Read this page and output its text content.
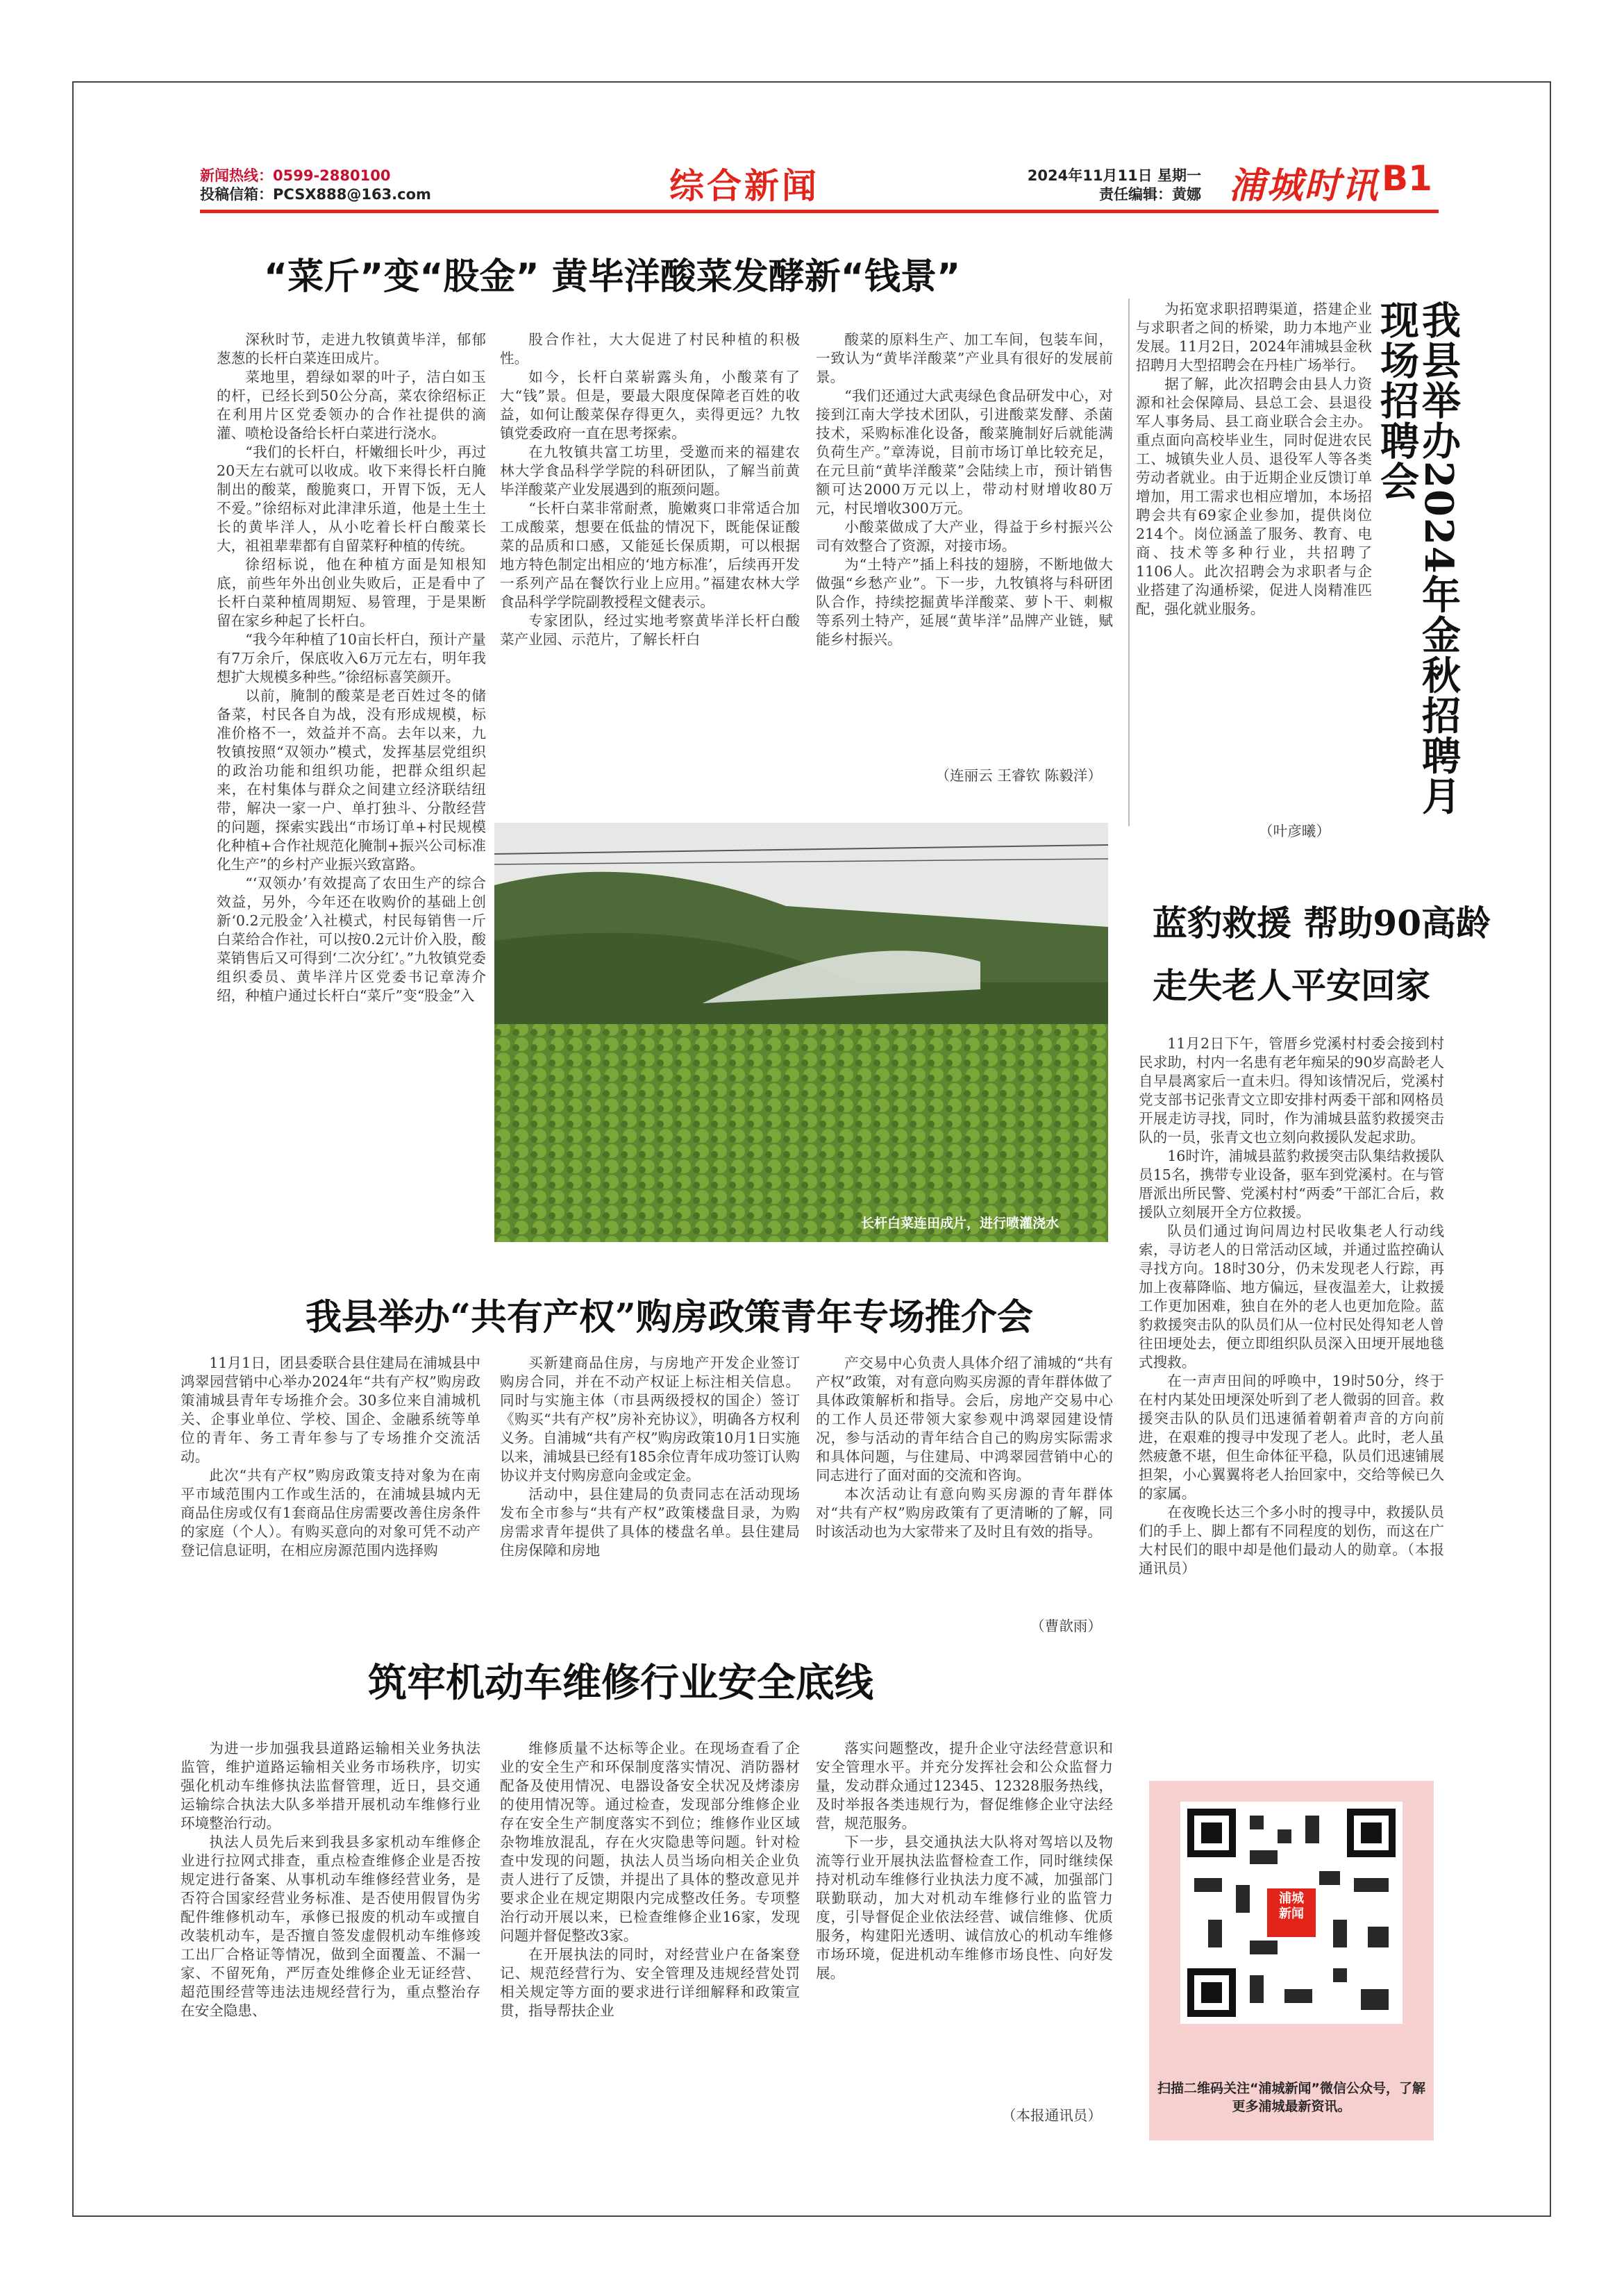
新闻热线：0599-2880100
投稿信箱：PCSX888@163.com	综合新闻	2024年11月11日 星期一
责任编辑：黄娜 浦城时讯 B1
“菜斤”变“股金” 黄毕洋酸菜发酵新“钱景”

深秋时节，走进九牧镇黄毕洋，郁郁葱葱的长杆白菜连田成片。

菜地里，碧绿如翠的叶子，洁白如玉的杆，已经长到50公分高，菜农徐绍标正在利用片区党委领办的合作社提供的滴灌、喷枪设备给长杆白菜进行浇水。

“我们的长杆白，杆嫩细长叶少，再过20天左右就可以收成。收下来得长杆白腌制出的酸菜，酸脆爽口，开胃下饭，无人不爱。”徐绍标对此津津乐道，他是土生土长的黄毕洋人，从小吃着长杆白酸菜长大，祖祖辈辈都有自留菜籽种植的传统。

徐绍标说，他在种植方面是知根知底，前些年外出创业失败后，正是看中了长杆白菜种植周期短、易管理，于是果断留在家乡种起了长杆白。

“我今年种植了10亩长杆白，预计产量有7万余斤，保底收入6万元左右，明年我想扩大规模多种些。”徐绍标喜笑颜开。

以前，腌制的酸菜是老百姓过冬的储备菜，村民各自为战，没有形成规模，标准价格不一，效益并不高。去年以来，九牧镇按照“双领办”模式，发挥基层党组织的政治功能和组织功能，把群众组织起来，在村集体与群众之间建立经济联结纽带，解决一家一户、单打独斗、分散经营的问题，探索实践出“市场订单+村民规模化种植+合作社规范化腌制+振兴公司标准化生产”的乡村产业振兴致富路。

“‘双领办’有效提高了农田生产的综合效益，另外，今年还在收购价的基础上创新‘0.2元股金’入社模式，村民每销售一斤白菜给合作社，可以按0.2元计价入股，酸菜销售后又可得到‘二次分红’。”九牧镇党委组织委员、黄毕洋片区党委书记章涛介绍，种植户通过长杆白“菜斤”变“股金”入

股合作社，大大促进了村民种植的积极性。

如今，长杆白菜崭露头角，小酸菜有了大“钱”景。但是，要最大限度保障老百姓的收益，如何让酸菜保存得更久，卖得更远？九牧镇党委政府一直在思考探索。

在九牧镇共富工坊里，受邀而来的福建农林大学食品科学学院的科研团队，了解当前黄毕洋酸菜产业发展遇到的瓶颈问题。

“长杆白菜非常耐煮，脆嫩爽口非常适合加工成酸菜，想要在低盐的情况下，既能保证酸菜的品质和口感，又能延长保质期，可以根据地方特色制定出相应的‘地方标准’，后续再开发一系列产品在餐饮行业上应用。”福建农林大学食品科学学院副教授程文健表示。

专家团队，经过实地考察黄毕洋长杆白酸菜产业园、示范片，了解长杆白

酸菜的原料生产、加工车间，包装车间，一致认为“黄毕洋酸菜”产业具有很好的发展前景。

“我们还通过大武夷绿色食品研发中心，对接到江南大学技术团队，引进酸菜发酵、杀菌技术，采购标准化设备，酸菜腌制好后就能满负荷生产。”章涛说，目前市场订单比较充足，在元旦前“黄毕洋酸菜”会陆续上市，预计销售额可达2000万元以上，带动村财增收80万元，村民增收300万元。

小酸菜做成了大产业，得益于乡村振兴公司有效整合了资源，对接市场。

为“土特产”插上科技的翅膀，不断地做大做强“乡愁产业”。下一步，九牧镇将与科研团队合作，持续挖掘黄毕洋酸菜、萝卜干、刺椒等系列土特产，延展“黄毕洋”品牌产业链，赋能乡村振兴。

（连丽云 王睿钦 陈毅洋）
长杆白菜连田成片，进行喷灌浇水

为拓宽求职招聘渠道，搭建企业与求职者之间的桥梁，助力本地产业发展。11月2日，2024年浦城县金秋招聘月大型招聘会在丹桂广场举行。

据了解，此次招聘会由县人力资源和社会保障局、县总工会、县退役军人事务局、县工商业联合会主办。重点面向高校毕业生，同时促进农民工、城镇失业人员、退役军人等各类劳动者就业。由于近期企业反馈订单增加，用工需求也相应增加，本场招聘会共有69家企业参加，提供岗位214个。岗位涵盖了服务、教育、电商、技术等多种行业，共招聘了1106人。此次招聘会为求职者与企业搭建了沟通桥梁，促进人岗精准匹配，强化就业服务。

（叶彦曦）
我县举办2024年金秋招聘月现场招聘会
蓝豹救援 帮助90高龄
走失老人平安回家

11月2日下午，管厝乡党溪村村委会接到村民求助，村内一名患有老年痴呆的90岁高龄老人自早晨离家后一直未归。得知该情况后，党溪村党支部书记张青文立即安排村两委干部和网格员开展走访寻找，同时，作为浦城县蓝豹救援突击队的一员，张青文也立刻向救援队发起求助。

16时许，浦城县蓝豹救援突击队集结救援队员15名，携带专业设备，驱车到党溪村。在与管厝派出所民警、党溪村村“两委”干部汇合后，救援队立刻展开全方位救援。

队员们通过询问周边村民收集老人行动线索，寻访老人的日常活动区域，并通过监控确认寻找方向。18时30分，仍未发现老人行踪，再加上夜幕降临、地方偏远，昼夜温差大，让救援工作更加困难，独自在外的老人也更加危险。蓝豹救援突击队的队员们从一位村民处得知老人曾往田埂处去，便立即组织队员深入田埂开展地毯式搜救。

在一声声田间的呼唤中，19时50分，终于在村内某处田埂深处听到了老人微弱的回音。救援突击队的队员们迅速循着朝着声音的方向前进，在艰难的搜寻中发现了老人。此时，老人虽然疲惫不堪，但生命体征平稳，队员们迅速铺展担架，小心翼翼将老人抬回家中，交给等候已久的家属。

在夜晚长达三个多小时的搜寻中，救援队员们的手上、脚上都有不同程度的划伤，而这在广大村民们的眼中却是他们最动人的勋章。（本报通讯员）

我县举办“共有产权”购房政策青年专场推介会

11月1日，团县委联合县住建局在浦城县中鸿翠园营销中心举办2024年“共有产权”购房政策浦城县青年专场推介会。30多位来自浦城机关、企事业单位、学校、国企、金融系统等单位的青年、务工青年参与了专场推介交流活动。

此次“共有产权”购房政策支持对象为在南平市域范围内工作或生活的，在浦城县城内无商品住房或仅有1套商品住房需要改善住房条件的家庭（个人）。有购买意向的对象可凭不动产登记信息证明，在相应房源范围内选择购

买新建商品住房，与房地产开发企业签订购房合同，并在不动产权证上标注相关信息。同时与实施主体（市县两级授权的国企）签订《购买“共有产权”房补充协议》，明确各方权利义务。自浦城“共有产权”购房政策10月1日实施以来，浦城县已经有185余位青年成功签订认购协议并支付购房意向金或定金。

活动中，县住建局的负责同志在活动现场发布全市参与“共有产权”政策楼盘目录，为购房需求青年提供了具体的楼盘名单。县住建局住房保障和房地

产交易中心负责人具体介绍了浦城的“共有产权”政策，对有意向购买房源的青年群体做了具体政策解析和指导。会后，房地产交易中心的工作人员还带领大家参观中鸿翠园建设情况，参与活动的青年结合自己的购房实际需求和具体问题，与住建局、中鸿翠园营销中心的同志进行了面对面的交流和咨询。

本次活动让有意向购买房源的青年群体对“共有产权”购房政策有了更清晰的了解，同时该活动也为大家带来了及时且有效的指导。

（曹歆雨）
筑牢机动车维修行业安全底线

为进一步加强我县道路运输相关业务执法监管，维护道路运输相关业务市场秩序，切实强化机动车维修执法监督管理，近日，县交通运输综合执法大队多举措开展机动车维修行业环境整治行动。

执法人员先后来到我县多家机动车维修企业进行拉网式排查，重点检查维修企业是否按规定进行备案、从事机动车维修经营业务，是否符合国家经营业务标准、是否使用假冒伪劣配件维修机动车，承修已报废的机动车或擅自改装机动车，是否擅自签发虚假机动车维修竣工出厂合格证等情况，做到全面覆盖、不漏一家、不留死角，严厉查处维修企业无证经营、超范围经营等违法违规经营行为，重点整治存在安全隐患、

维修质量不达标等企业。在现场查看了企业的安全生产和环保制度落实情况、消防器材配备及使用情况、电器设备安全状况及烤漆房的使用情况等。通过检查，发现部分维修企业存在安全生产制度落实不到位；维修作业区域杂物堆放混乱，存在火灾隐患等问题。针对检查中发现的问题，执法人员当场向相关企业负责人进行了反馈，并提出了具体的整改意见并要求企业在规定期限内完成整改任务。专项整治行动开展以来，已检查维修企业16家，发现问题并督促整改3家。

在开展执法的同时，对经营业户在备案登记、规范经营行为、安全管理及违规经营处罚相关规定等方面的要求进行详细解释和政策宣贯，指导帮扶企业

落实问题整改，提升企业守法经营意识和安全管理水平。并充分发挥社会和公众监督力量，发动群众通过12345、12328服务热线，及时举报各类违规行为，督促维修企业守法经营，规范服务。

下一步，县交通执法大队将对驾培以及物流等行业开展执法监督检查工作，同时继续保持对机动车维修行业执法力度不减，加强部门联勤联动，加大对机动车维修行业的监管力度，引导督促企业依法经营、诚信维修、优质服务，构建阳光透明、诚信放心的机动车维修市场环境，促进机动车维修市场良性、向好发展。

（本报通讯员）
浦城新闻
扫描二维码关注“浦城新闻”微信公众号，了解更多浦城最新资讯。
